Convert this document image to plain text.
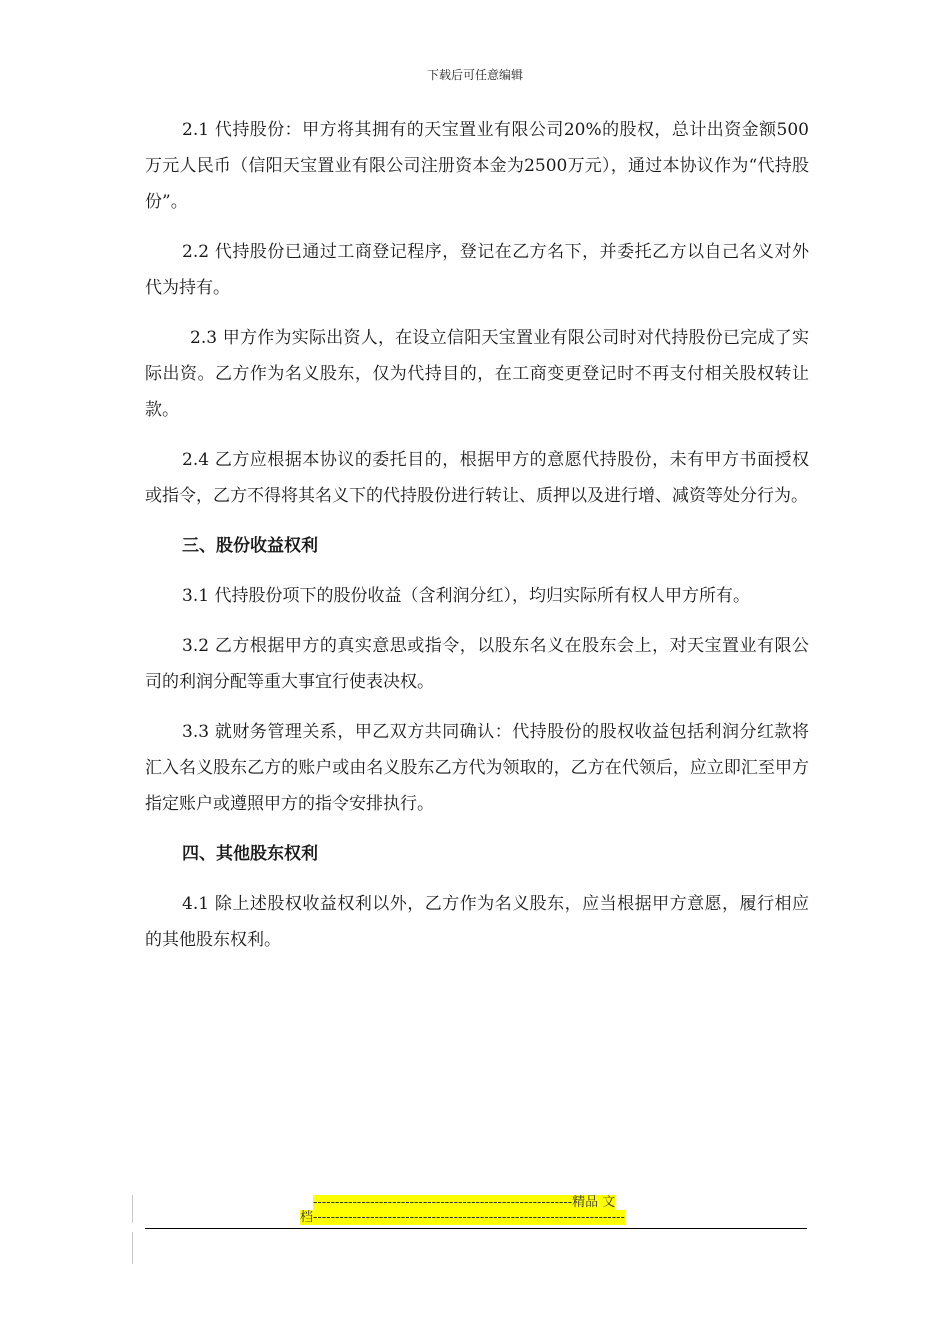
下载后可任意编辑

2.1 代持股份：甲方将其拥有的天宝置业有限公司20%的股权，总计出资金额500万元人民币（信阳天宝置业有限公司注册资本金为2500万元），通过本协议作为“代持股份”。

2.2 代持股份已通过工商登记程序，登记在乙方名下，并委托乙方以自己名义对外代为持有。

2.3 甲方作为实际出资人，在设立信阳天宝置业有限公司时对代持股份已完成了实际出资。乙方作为名义股东，仅为代持目的，在工商变更登记时不再支付相关股权转让款。

2.4 乙方应根据本协议的委托目的，根据甲方的意愿代持股份，未有甲方书面授权或指令，乙方不得将其名义下的代持股份进行转让、质押以及进行增、减资等处分行为。

三、股份收益权利

3.1 代持股份项下的股份收益（含利润分红），均归实际所有权人甲方所有。

3.2 乙方根据甲方的真实意思或指令，以股东名义在股东会上，对天宝置业有限公司的利润分配等重大事宜行使表决权。

3.3 就财务管理关系，甲乙双方共同确认：代持股份的股权收益包括利润分红款将汇入名义股东乙方的账户或由名义股东乙方代为领取的，乙方在代领后，应立即汇至甲方指定账户或遵照甲方的指令安排执行。

四、其他股东权利

4.1 除上述股权收益权利以外，乙方作为名义股东，应当根据甲方意愿，履行相应的其他股东权利。

-----------------------------------------------------------精品 文
档-----------------------------------------------------------------------
